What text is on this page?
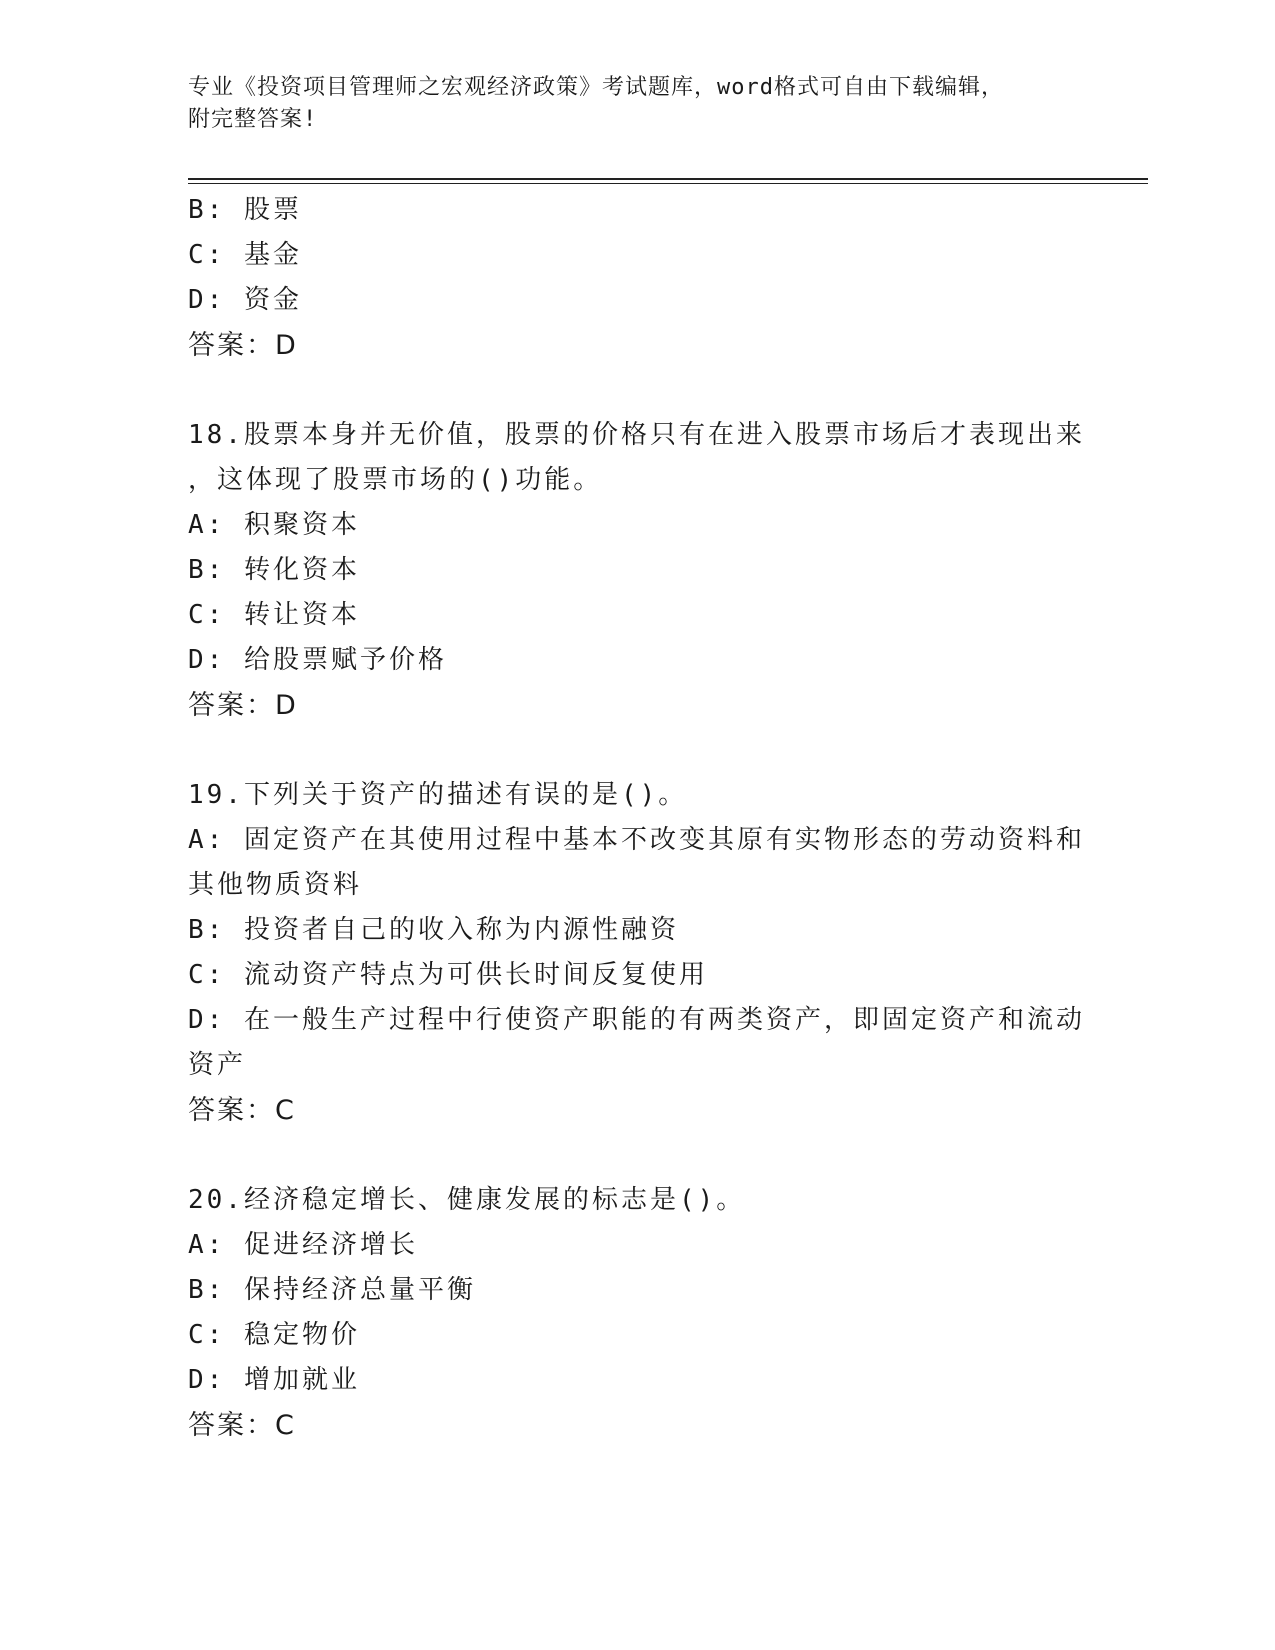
专业《投资项目管理师之宏观经济政策》考试题库，word格式可自由下载编辑，
附完整答案!
B: 股票
C: 基金
D: 资金
答案：D
18.股票本身并无价值，股票的价格只有在进入股票市场后才表现出来
，这体现了股票市场的()功能。
A: 积聚资本
B: 转化资本
C: 转让资本
D: 给股票赋予价格
答案：D
19.下列关于资产的描述有误的是()。
A: 固定资产在其使用过程中基本不改变其原有实物形态的劳动资料和
其他物质资料
B: 投资者自己的收入称为内源性融资
C: 流动资产特点为可供长时间反复使用
D: 在一般生产过程中行使资产职能的有两类资产，即固定资产和流动
资产
答案：C
20.经济稳定增长、健康发展的标志是()。
A: 促进经济增长
B: 保持经济总量平衡
C: 稳定物价
D: 增加就业
答案：C
